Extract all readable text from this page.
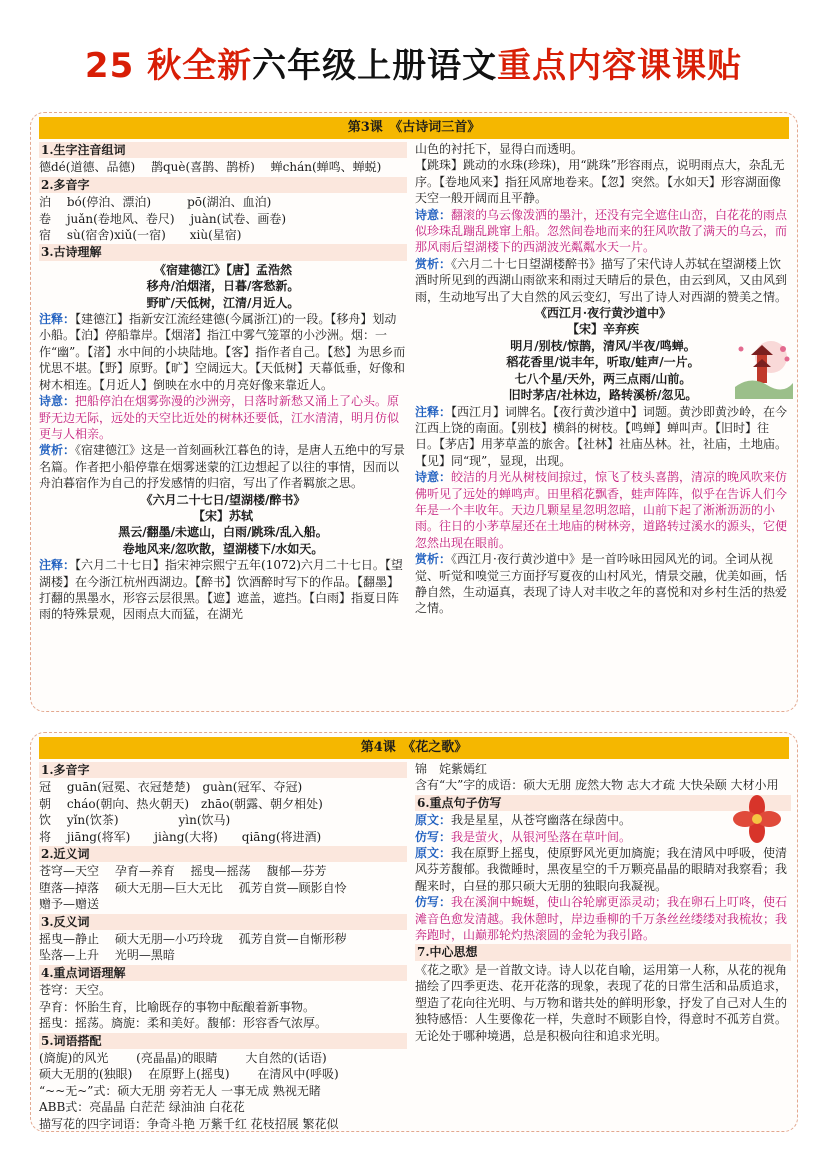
25 秋全新六年级上册语文重点内容课课贴
第3课　《古诗词三首》
1.生字注音组词
德dé(道德、品德)　 鹊què(喜鹊、鹊桥)　 蝉chán(蝉鸣、蝉蜕)
2.多音字
泊　 bó(停泊、漂泊)　　　pō(湖泊、血泊)
卷　 juǎn(卷地风、卷尺)　 juàn(试卷、画卷)
宿　 sù(宿舍)xiǔ(一宿)　　xiù(星宿)
3.古诗理解
《宿建德江》【唐】孟浩然
移舟/泊烟渚，日暮/客愁新。
野旷/天低树，江清/月近人。
注释：【建德江】指新安江流经建德(今属浙江)的一段。【移舟】划动小船。【泊】停船靠岸。【烟渚】指江中雾气笼罩的小沙洲。烟：一作“幽”。【渚】水中间的小块陆地。【客】指作者自己。【愁】为思乡而忧思不堪。【野】原野。【旷】空阔远大。【天低树】天幕低垂，好像和树木相连。【月近人】倒映在水中的月亮好像来靠近人。
诗意：把船停泊在烟雾弥漫的沙洲旁，日落时新愁又涌上了心头。原野无边无际，远处的天空比近处的树林还要低，江水清清，明月仿似更与人相亲。
赏析：《宿建德江》这是一首刻画秋江暮色的诗，是唐人五绝中的写景名篇。作者把小船停靠在烟雾迷蒙的江边想起了以往的事情，因而以舟泊暮宿作为自己的抒发感情的归宿，写出了作者羁旅之思。
《六月二十七日/望湖楼/醉书》
【宋】苏轼
黑云/翻墨/未遮山，白雨/跳珠/乱入船。
卷地风来/忽吹散，望湖楼下/水如天。
注释：【六月二十七日】指宋神宗熙宁五年(1072)六月二十七日。【望湖楼】在今浙江杭州西湖边。【醉书】饮酒醉时写下的作品。【翻墨】打翻的黑墨水，形容云层很黑。【遮】遮盖，遮挡。【白雨】指夏日阵雨的特殊景观，因雨点大而猛，在湖光
山色的衬托下，显得白而透明。
【跳珠】跳动的水珠(珍珠)，用“跳珠”形容雨点，说明雨点大，杂乱无序。【卷地风来】指狂风席地卷来。【忽】突然。【水如天】形容湖面像天空一般开阔而且平静。
诗意：翻滚的乌云像泼洒的墨汁，还没有完全遮住山峦，白花花的雨点似珍珠乱蹦乱跳窜上船。忽然间卷地而来的狂风吹散了满天的乌云，而那风雨后望湖楼下的西湖波光粼粼水天一片。
赏析：《六月二十七日望湖楼醉书》描写了宋代诗人苏轼在望湖楼上饮酒时所见到的西湖山雨欲来和雨过天晴后的景色，由云到风，又由风到雨，生动地写出了大自然的风云变幻，写出了诗人对西湖的赞美之情。
《西江月·夜行黄沙道中》
【宋】辛弃疾
明月/别枝/惊鹊，清风/半夜/鸣蝉。
稻花香里/说丰年，听取/蛙声/一片。
七八个星/天外，两三点雨/山前。
旧时茅店/社林边，路转溪桥/忽见。
注释：【西江月】词牌名。【夜行黄沙道中】词题。黄沙即黄沙岭，在今江西上饶的南面。【别枝】横斜的树枝。【鸣蝉】蝉叫声。【旧时】往日。【茅店】用茅草盖的旅舍。【社林】社庙丛林。社，社庙，土地庙。【见】同“现”，显现，出现。
诗意：皎洁的月光从树枝间掠过，惊飞了枝头喜鹊，清凉的晚风吹来仿佛听见了远处的蝉鸣声。田里稻花飘香，蛙声阵阵，似乎在告诉人们今年是一个丰收年。天边几颗星星忽明忽暗，山前下起了淅淅沥沥的小雨。往日的小茅草屋还在土地庙的树林旁，道路转过溪水的源头，它便忽然出现在眼前。
赏析：《西江月·夜行黄沙道中》是一首吟咏田园风光的词。全词从视觉、听觉和嗅觉三方面抒写夏夜的山村风光，情景交融，优美如画，恬静自然，生动逼真，表现了诗人对丰收之年的喜悦和对乡村生活的热爱之情。
第4课　《花之歌》
1.多音字
冠　 guān(冠冕、衣冠楚楚)　guàn(冠军、夺冠)
朝　 cháo(朝向、热火朝天)　zhāo(朝露、朝夕相处)
饮　 yǐn(饮茶)　　　　　yìn(饮马)
将　 jiāng(将军)　　jiàng(大将)　　qiāng(将进酒)
2.近义词
苍穹—天空　 孕育—养育　 摇曳—摇荡　 馥郁—芬芳
堕落—掉落　 硕大无朋—巨大无比　 孤芳自赏—顾影自怜
赠予—赠送
3.反义词
摇曳—静止　 硕大无朋—小巧玲珑　 孤芳自赏—自惭形秽
坠落—上升　 光明—黑暗
4.重点词语理解
苍穹：天空。
孕育：怀胎生育，比喻既存的事物中酝酿着新事物。
摇曳：摇荡。旖旎：柔和美好。馥郁：形容香气浓厚。
5.词语搭配
(旖旎)的风光　　 (亮晶晶)的眼睛　　 大自然的(话语)
硕大无朋的(独眼)　 在原野上(摇曳)　　 在清风中(呼吸)
“~~无~”式：硕大无朋 旁若无人 一事无成 熟视无睹
ABB式：亮晶晶 白茫茫 绿油油 白花花
描写花的四字词语：争奇斗艳 万紫千红 花枝招展 繁花似
锦　姹紫嫣红
含有“大”字的成语：硕大无朋 庞然大物 志大才疏 大快朵颐 大材小用
6.重点句子仿写
原文：我是星星，从苍穹幽落在绿茵中。
仿写：我是萤火，从银河坠落在草叶间。
原文：我在原野上摇曳，使原野风光更加旖旎；我在清风中呼吸，使清风芬芳馥郁。我微睡时，黑夜星空的千万颗亮晶晶的眼睛对我察看；我醒来时，白昼的那只硕大无朋的独眼向我凝视。
仿写：我在溪涧中蜿蜒，使山谷轮廓更添灵动；我在卵石上叮咚，使石滩音色愈发清越。我休憩时，岸边垂柳的千万条丝丝缕缕对我梳妆；我奔跑时，山巅那轮灼热滚圆的金轮为我引路。
7.中心思想
《花之歌》是一首散文诗。诗人以花自喻，运用第一人称，从花的视角描绘了四季更迭、花开花落的现象，表现了花的日常生活和品质追求，塑造了花向往光明、与万物和谐共处的鲜明形象，抒发了自己对人生的独特感悟：人生要像花一样，失意时不顾影自怜，得意时不孤芳自赏。无论处于哪种境遇，总是积极向往和追求光明。
